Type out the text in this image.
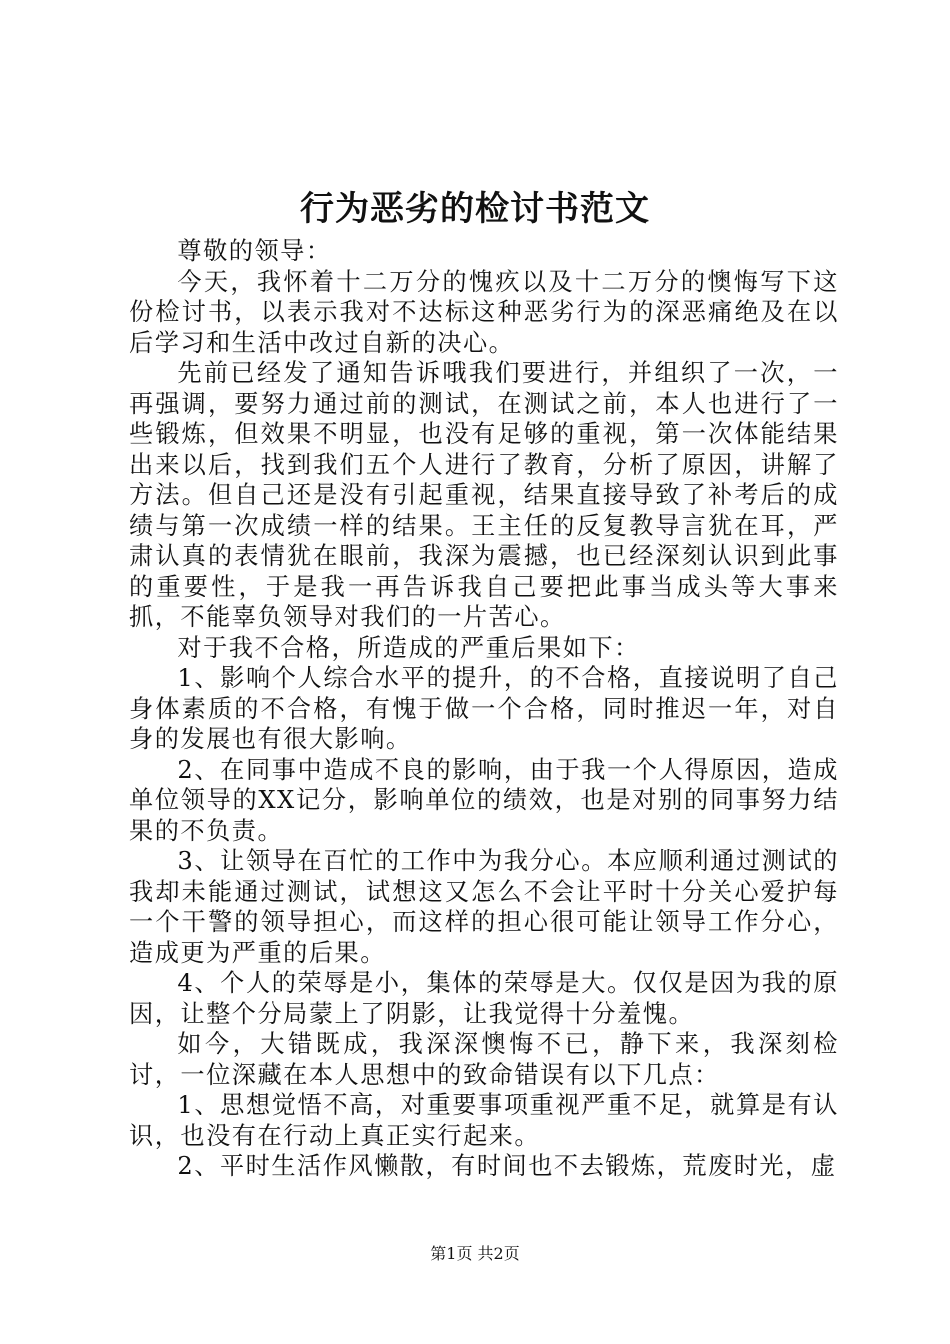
行为恶劣的检讨书范文

尊敬的领导：

今天，我怀着十二万分的愧疚以及十二万分的懊悔写下这份检讨书，以表示我对不达标这种恶劣行为的深恶痛绝及在以后学习和生活中改过自新的决心。

先前已经发了通知告诉哦我们要进行，并组织了一次，一再强调，要努力通过前的测试，在测试之前，本人也进行了一些锻炼，但效果不明显，也没有足够的重视，第一次体能结果出来以后，找到我们五个人进行了教育，分析了原因，讲解了方法。但自己还是没有引起重视，结果直接导致了补考后的成绩与第一次成绩一样的结果。王主任的反复教导言犹在耳，严肃认真的表情犹在眼前，我深为震撼，也已经深刻认识到此事的重要性，于是我一再告诉我自己要把此事当成头等大事来抓，不能辜负领导对我们的一片苦心。

对于我不合格，所造成的严重后果如下：

1、影响个人综合水平的提升，的不合格，直接说明了自己身体素质的不合格，有愧于做一个合格，同时推迟一年，对自身的发展也有很大影响。

2、在同事中造成不良的影响，由于我一个人得原因，造成单位领导的XX记分，影响单位的绩效，也是对别的同事努力结果的不负责。

3、让领导在百忙的工作中为我分心。本应顺利通过测试的我却未能通过测试，试想这又怎么不会让平时十分关心爱护每一个干警的领导担心，而这样的担心很可能让领导工作分心，造成更为严重的后果。

4、个人的荣辱是小，集体的荣辱是大。仅仅是因为我的原因，让整个分局蒙上了阴影，让我觉得十分羞愧。

如今，大错既成，我深深懊悔不已，静下来，我深刻检讨，一位深藏在本人思想中的致命错误有以下几点：

1、思想觉悟不高，对重要事项重视严重不足，就算是有认识，也没有在行动上真正实行起来。

2、平时生活作风懒散，有时间也不去锻炼，荒废时光，虚

第1页 共2页
